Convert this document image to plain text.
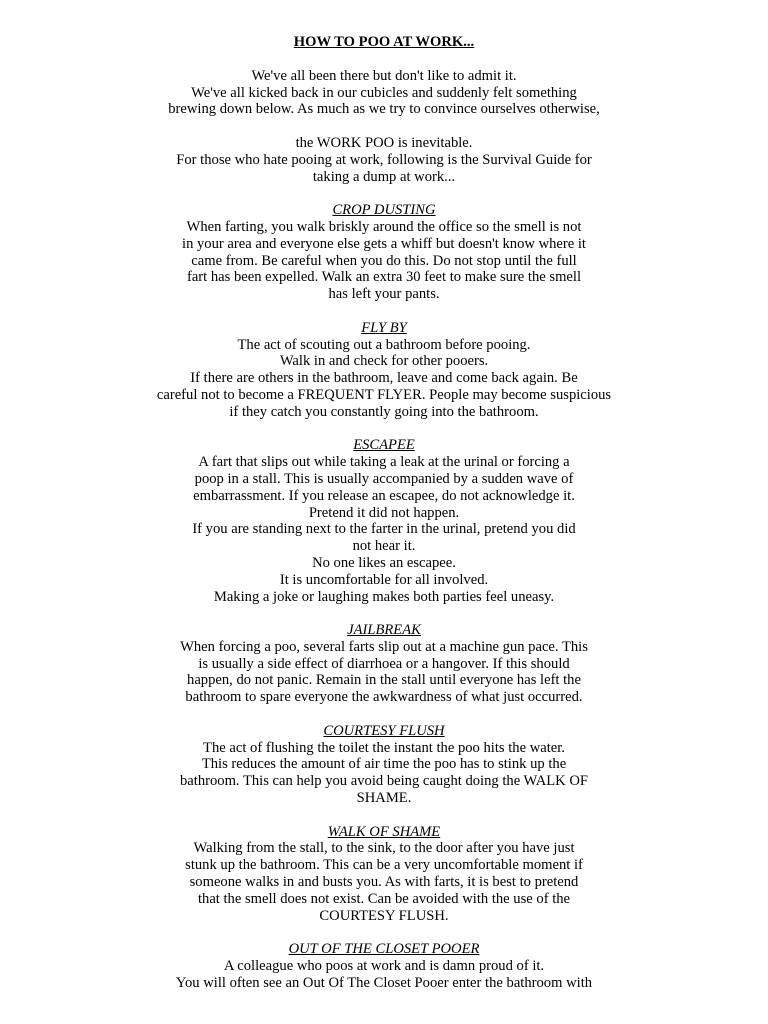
HOW TO POO AT WORK...
We've all been there but don't like to admit it.
We've all kicked back in our cubicles and suddenly felt something
brewing down below. As much as we try to convince ourselves otherwise,
the WORK POO is inevitable.
For those who hate pooing at work, following is the Survival Guide for
taking a dump at work...
CROP DUSTING
When farting, you walk briskly around the office so the smell is not
in your area and everyone else gets a whiff but doesn't know where it
came from. Be careful when you do this. Do not stop until the full
fart has been expelled. Walk an extra 30 feet to make sure the smell
has left your pants.
FLY BY
The act of scouting out a bathroom before pooing.
Walk in and check for other pooers.
If there are others in the bathroom, leave and come back again. Be
careful not to become a FREQUENT FLYER. People may become suspicious
if they catch you constantly going into the bathroom.
ESCAPEE
A fart that slips out while taking a leak at the urinal or forcing a
poop in a stall. This is usually accompanied by a sudden wave of
embarrassment. If you release an escapee, do not acknowledge it.
Pretend it did not happen.
If you are standing next to the farter in the urinal, pretend you did
not hear it.
No one likes an escapee.
It is uncomfortable for all involved.
Making a joke or laughing makes both parties feel uneasy.
JAILBREAK
When forcing a poo, several farts slip out at a machine gun pace. This
is usually a side effect of diarrhoea or a hangover. If this should
happen, do not panic. Remain in the stall until everyone has left the
bathroom to spare everyone the awkwardness of what just occurred.
COURTESY FLUSH
The act of flushing the toilet the instant the poo hits the water.
This reduces the amount of air time the poo has to stink up the
bathroom. This can help you avoid being caught doing the WALK OF
SHAME.
WALK OF SHAME
Walking from the stall, to the sink, to the door after you have just
stunk up the bathroom. This can be a very uncomfortable moment if
someone walks in and busts you. As with farts, it is best to pretend
that the smell does not exist. Can be avoided with the use of the
COURTESY FLUSH.
OUT OF THE CLOSET POOER
A colleague who poos at work and is damn proud of it.
You will often see an Out Of The Closet Pooer enter the bathroom with
